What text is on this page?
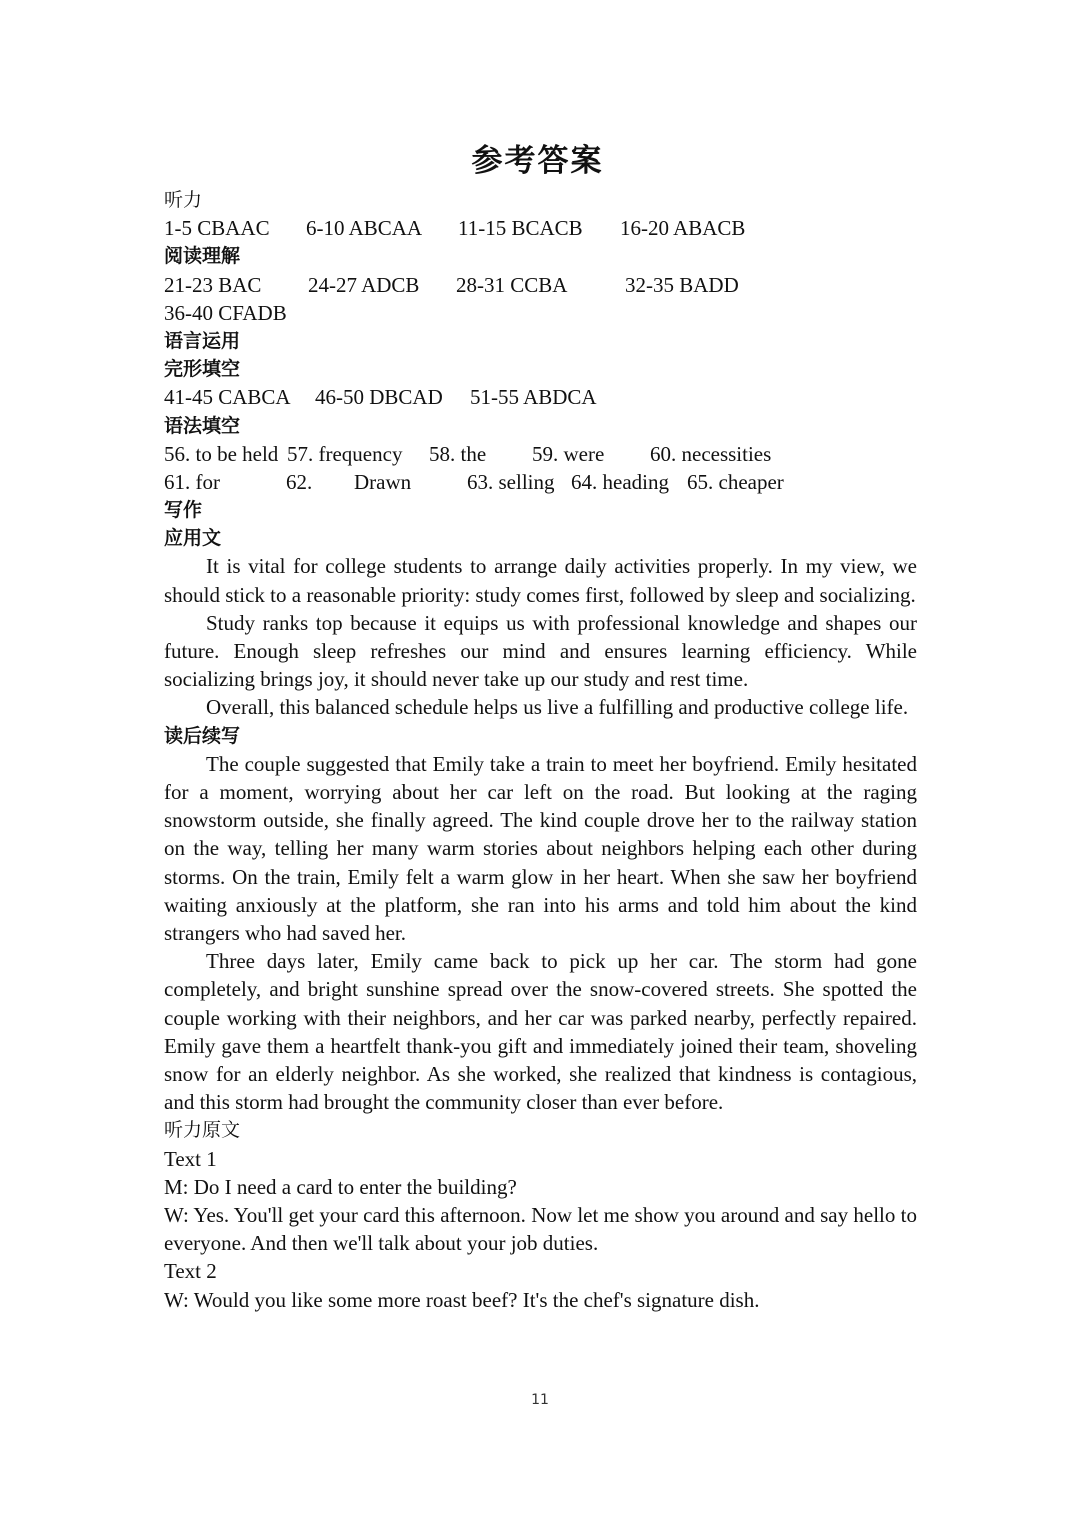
参考答案
听力
1-5 CBAAC	6-10 ABCAA	11-15 BCACB	16-20 ABACB
阅读理解
21-23 BAC	24-27 ADCB	28-31 CCBA	32-35 BADD
36-40 CFADB
语言运用
完形填空
41-45 CABCA	46-50 DBCAD	51-55 ABDCA
语法填空
56. to be held 57. frequency	58. the	59. were	60. necessities
61. for	62.	Drawn	63. selling 64. heading 65. cheaper
写作
应用文

It is vital for college students to arrange daily activities properly. In my view, we should stick to a reasonable priority: study comes first, followed by sleep and socializing.

Study ranks top because it equips us with professional knowledge and shapes our future. Enough sleep refreshes our mind and ensures learning efficiency. While socializing brings joy, it should never take up our study and rest time.

Overall, this balanced schedule helps us live a fulfilling and productive college life.

读后续写

The couple suggested that Emily take a train to meet her boyfriend. Emily hesitated for a moment, worrying about her car left on the road. But looking at the raging snowstorm outside, she finally agreed. The kind couple drove her to the railway station on the way, telling her many warm stories about neighbors helping each other during storms. On the train, Emily felt a warm glow in her heart. When she saw her boyfriend waiting anxiously at the platform, she ran into his arms and told him about the kind strangers who had saved her.

Three days later, Emily came back to pick up her car. The storm had gone completely, and bright sunshine spread over the snow-covered streets. She spotted the couple working with their neighbors, and her car was parked nearby, perfectly repaired. Emily gave them a heartfelt thank-you gift and immediately joined their team, shoveling snow for an elderly neighbor. As she worked, she realized that kindness is contagious, and this storm had brought the community closer than ever before.

听力原文
Text 1

M: Do I need a card to enter the building?

W: Yes. You'll get your card this afternoon. Now let me show you around and say hello to everyone. And then we'll talk about your job duties.

Text 2

W: Would you like some more roast beef? It's the chef's signature dish.

11
